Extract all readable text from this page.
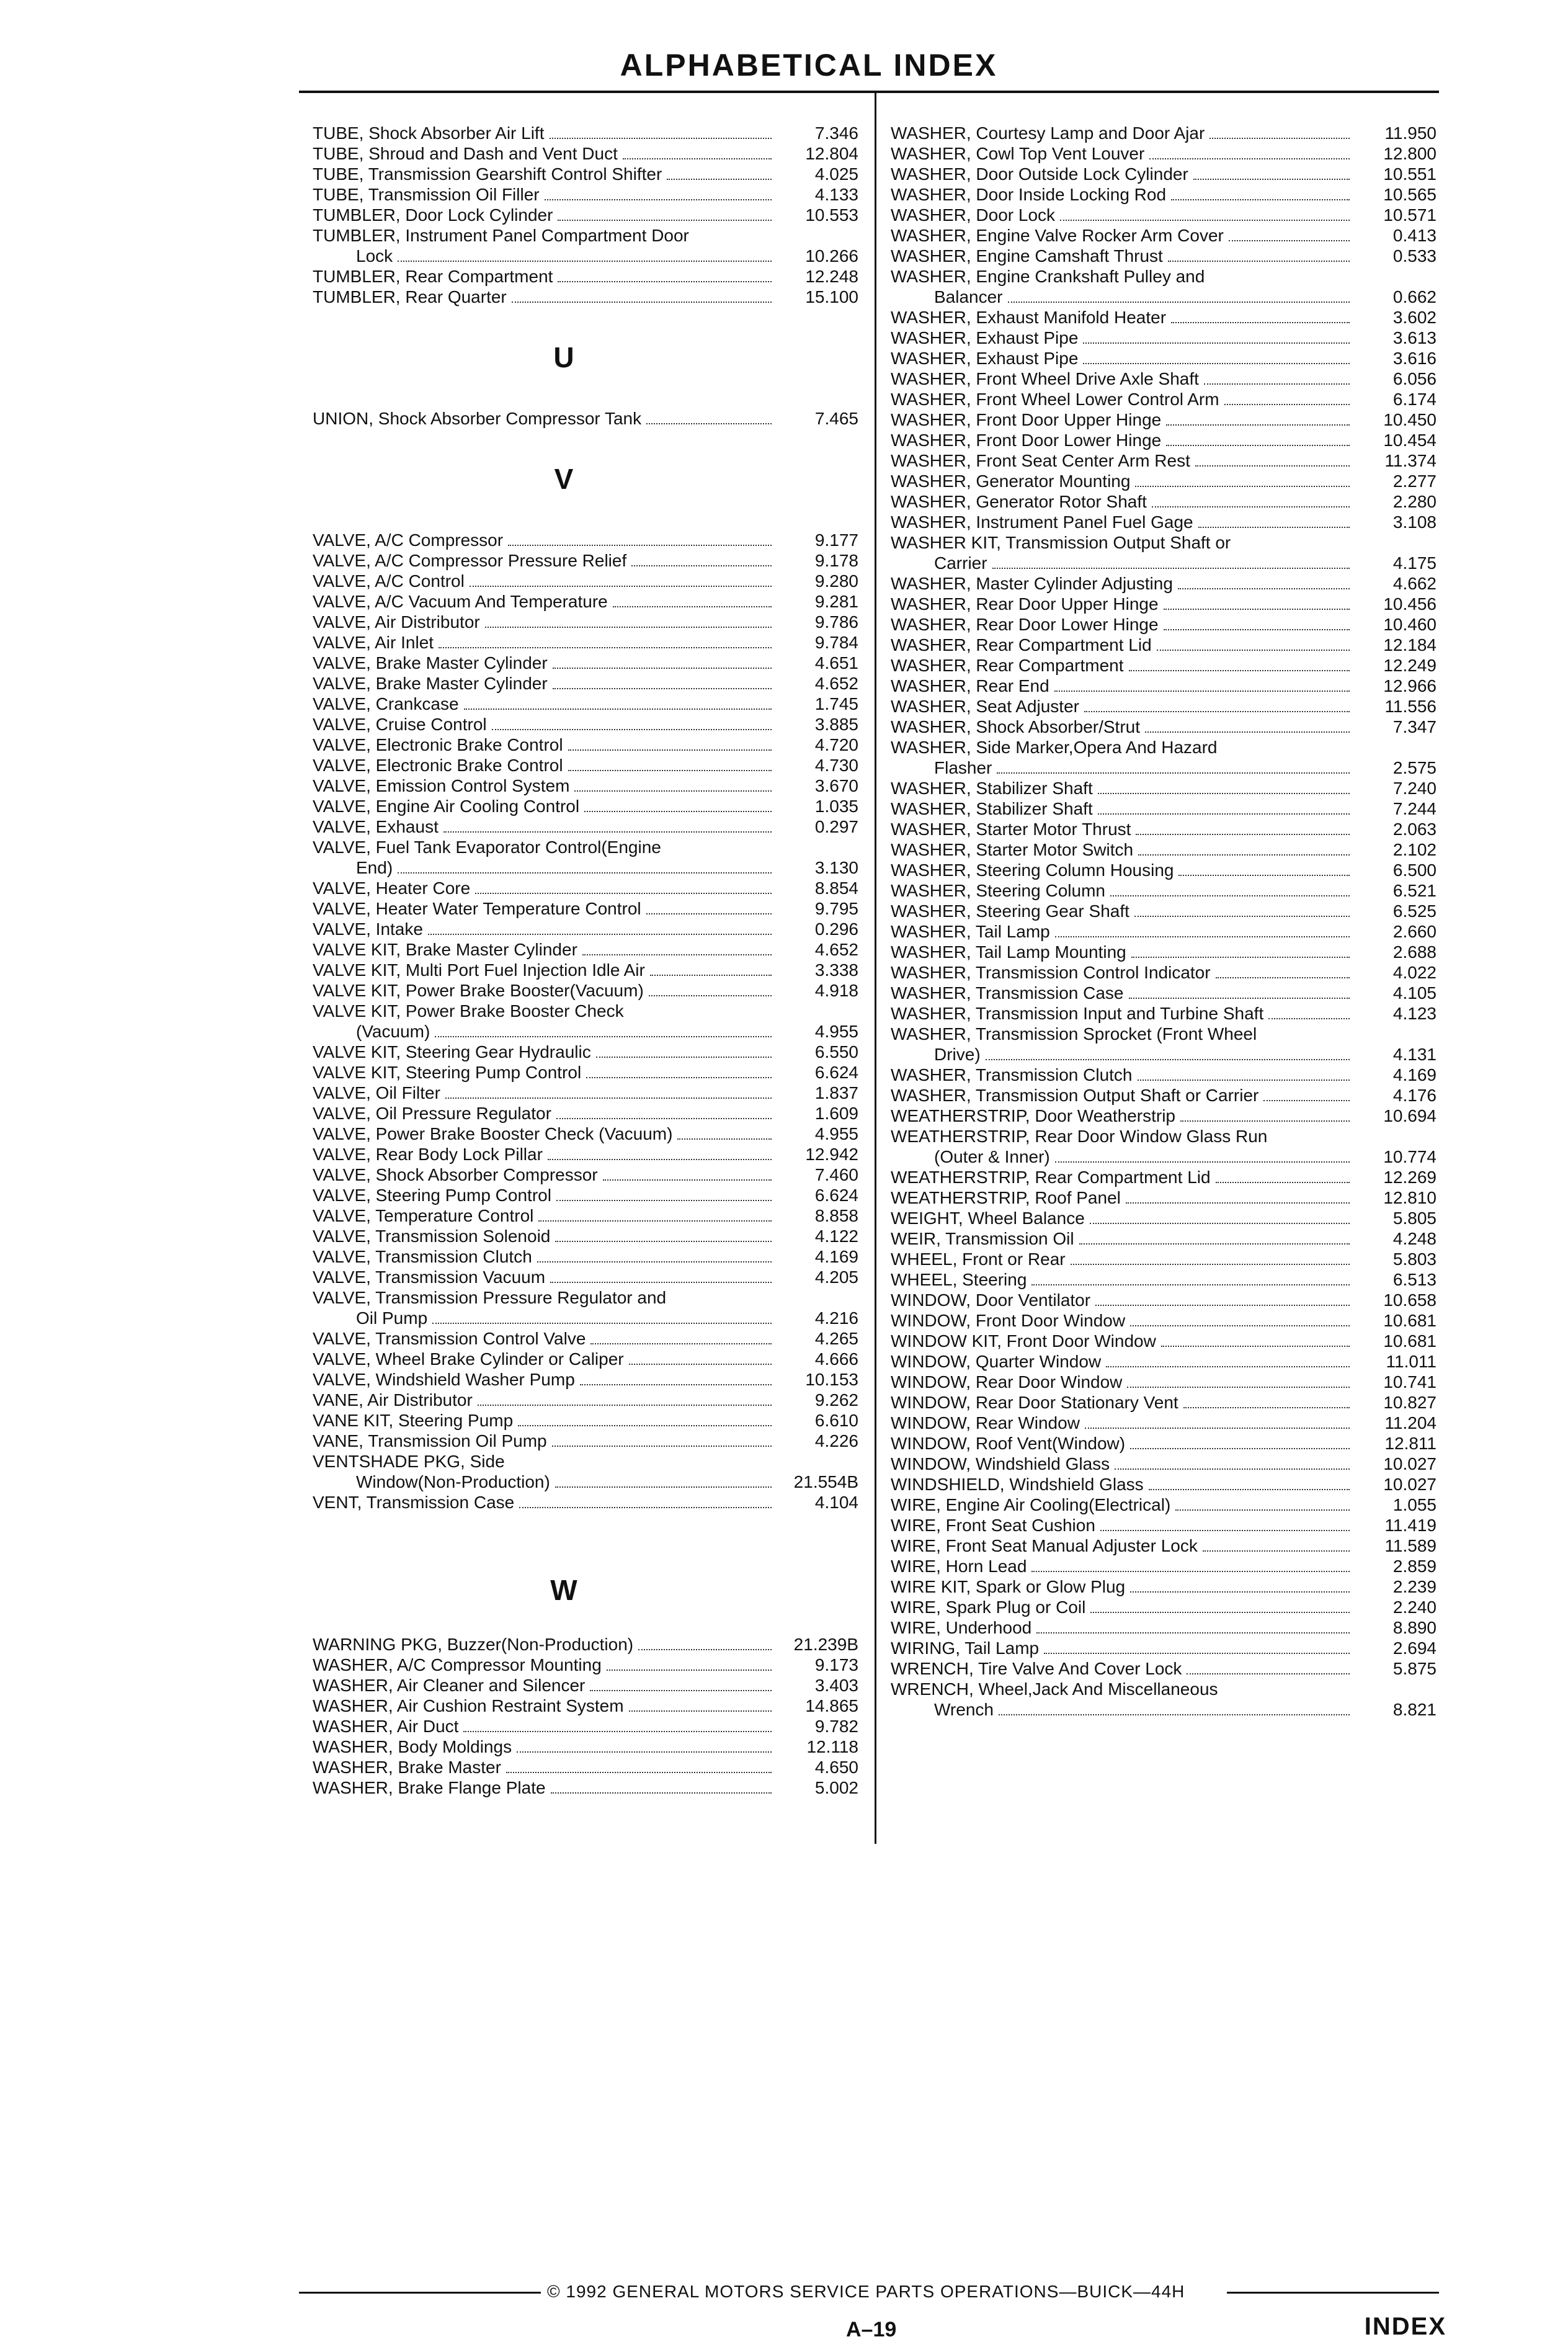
ALPHABETICAL INDEX
TUBE, Shock Absorber Air Lift	7.346
TUBE, Shroud and Dash and Vent Duct	12.804
TUBE, Transmission Gearshift Control Shifter	4.025
TUBE, Transmission Oil Filler	4.133
TUMBLER, Door Lock Cylinder	10.553
TUMBLER, Instrument Panel Compartment Door
Lock	10.266
TUMBLER, Rear Compartment	12.248
TUMBLER, Rear Quarter	15.100
U
UNION, Shock Absorber Compressor Tank	7.465
V
VALVE, A/C Compressor	9.177
VALVE, A/C Compressor Pressure Relief	9.178
VALVE, A/C Control	9.280
VALVE, A/C Vacuum And Temperature	9.281
VALVE, Air Distributor	9.786
VALVE, Air Inlet	9.784
VALVE, Brake Master Cylinder	4.651
VALVE, Brake Master Cylinder	4.652
VALVE, Crankcase	1.745
VALVE, Cruise Control	3.885
VALVE, Electronic Brake Control	4.720
VALVE, Electronic Brake Control	4.730
VALVE, Emission Control System	3.670
VALVE, Engine Air Cooling Control	1.035
VALVE, Exhaust	0.297
VALVE, Fuel Tank Evaporator Control(Engine
End)	3.130
VALVE, Heater Core	8.854
VALVE, Heater Water Temperature Control	9.795
VALVE, Intake	0.296
VALVE KIT, Brake Master Cylinder	4.652
VALVE KIT, Multi Port Fuel Injection Idle Air	3.338
VALVE KIT, Power Brake Booster(Vacuum)	4.918
VALVE KIT, Power Brake Booster Check
(Vacuum)	4.955
VALVE KIT, Steering Gear Hydraulic	6.550
VALVE KIT, Steering Pump Control	6.624
VALVE, Oil Filter	1.837
VALVE, Oil Pressure Regulator	1.609
VALVE, Power Brake Booster Check (Vacuum)	4.955
VALVE, Rear Body Lock Pillar	12.942
VALVE, Shock Absorber Compressor	7.460
VALVE, Steering Pump Control	6.624
VALVE, Temperature Control	8.858
VALVE, Transmission Solenoid	4.122
VALVE, Transmission Clutch	4.169
VALVE, Transmission Vacuum	4.205
VALVE, Transmission Pressure Regulator and
Oil Pump	4.216
VALVE, Transmission Control Valve	4.265
VALVE, Wheel Brake Cylinder or Caliper	4.666
VALVE, Windshield Washer Pump	10.153
VANE, Air Distributor	9.262
VANE KIT, Steering Pump	6.610
VANE, Transmission Oil Pump	4.226
VENTSHADE PKG, Side
Window(Non-Production)	21.554B
VENT, Transmission Case	4.104
W
WARNING PKG, Buzzer(Non-Production)	21.239B
WASHER, A/C Compressor Mounting	9.173
WASHER, Air Cleaner and Silencer	3.403
WASHER, Air Cushion Restraint System	14.865
WASHER, Air Duct	9.782
WASHER, Body Moldings	12.118
WASHER, Brake Master	4.650
WASHER, Brake Flange Plate	5.002
WASHER, Courtesy Lamp and Door Ajar	11.950
WASHER, Cowl Top Vent Louver	12.800
WASHER, Door Outside Lock Cylinder	10.551
WASHER, Door Inside Locking Rod	10.565
WASHER, Door Lock	10.571
WASHER, Engine Valve Rocker Arm Cover	0.413
WASHER, Engine Camshaft Thrust	0.533
WASHER, Engine Crankshaft Pulley and
Balancer	0.662
WASHER, Exhaust Manifold Heater	3.602
WASHER, Exhaust Pipe	3.613
WASHER, Exhaust Pipe	3.616
WASHER, Front Wheel Drive Axle Shaft	6.056
WASHER, Front Wheel Lower Control Arm	6.174
WASHER, Front Door Upper Hinge	10.450
WASHER, Front Door Lower Hinge	10.454
WASHER, Front Seat Center Arm Rest	11.374
WASHER, Generator Mounting	2.277
WASHER, Generator Rotor Shaft	2.280
WASHER, Instrument Panel Fuel Gage	3.108
WASHER KIT, Transmission Output Shaft or
Carrier	4.175
WASHER, Master Cylinder Adjusting	4.662
WASHER, Rear Door Upper Hinge	10.456
WASHER, Rear Door Lower Hinge	10.460
WASHER, Rear Compartment Lid	12.184
WASHER, Rear Compartment	12.249
WASHER, Rear End	12.966
WASHER, Seat Adjuster	11.556
WASHER, Shock Absorber/Strut	7.347
WASHER, Side Marker,Opera And Hazard
Flasher	2.575
WASHER, Stabilizer Shaft	7.240
WASHER, Stabilizer Shaft	7.244
WASHER, Starter Motor Thrust	2.063
WASHER, Starter Motor Switch	2.102
WASHER, Steering Column Housing	6.500
WASHER, Steering Column	6.521
WASHER, Steering Gear Shaft	6.525
WASHER, Tail Lamp	2.660
WASHER, Tail Lamp Mounting	2.688
WASHER, Transmission Control Indicator	4.022
WASHER, Transmission Case	4.105
WASHER, Transmission Input and Turbine Shaft	4.123
WASHER, Transmission Sprocket (Front Wheel
Drive)	4.131
WASHER, Transmission Clutch	4.169
WASHER, Transmission Output Shaft or Carrier	4.176
WEATHERSTRIP, Door Weatherstrip	10.694
WEATHERSTRIP, Rear Door Window Glass Run
(Outer & Inner)	10.774
WEATHERSTRIP, Rear Compartment Lid	12.269
WEATHERSTRIP, Roof Panel	12.810
WEIGHT, Wheel Balance	5.805
WEIR, Transmission Oil	4.248
WHEEL, Front or Rear	5.803
WHEEL, Steering	6.513
WINDOW, Door Ventilator	10.658
WINDOW, Front Door Window	10.681
WINDOW KIT, Front Door Window	10.681
WINDOW, Quarter Window	11.011
WINDOW, Rear Door Window	10.741
WINDOW, Rear Door Stationary Vent	10.827
WINDOW, Rear Window	11.204
WINDOW, Roof Vent(Window)	12.811
WINDOW, Windshield Glass	10.027
WINDSHIELD, Windshield Glass	10.027
WIRE, Engine Air Cooling(Electrical)	1.055
WIRE, Front Seat Cushion	11.419
WIRE, Front Seat Manual Adjuster Lock	11.589
WIRE, Horn Lead	2.859
WIRE KIT, Spark or Glow Plug	2.239
WIRE, Spark Plug or Coil	2.240
WIRE, Underhood	8.890
WIRING, Tail Lamp	2.694
WRENCH, Tire Valve And Cover Lock	5.875
WRENCH, Wheel,Jack And Miscellaneous
Wrench	8.821
© 1992 GENERAL MOTORS SERVICE PARTS OPERATIONS—BUICK—44H
A–19	INDEX
